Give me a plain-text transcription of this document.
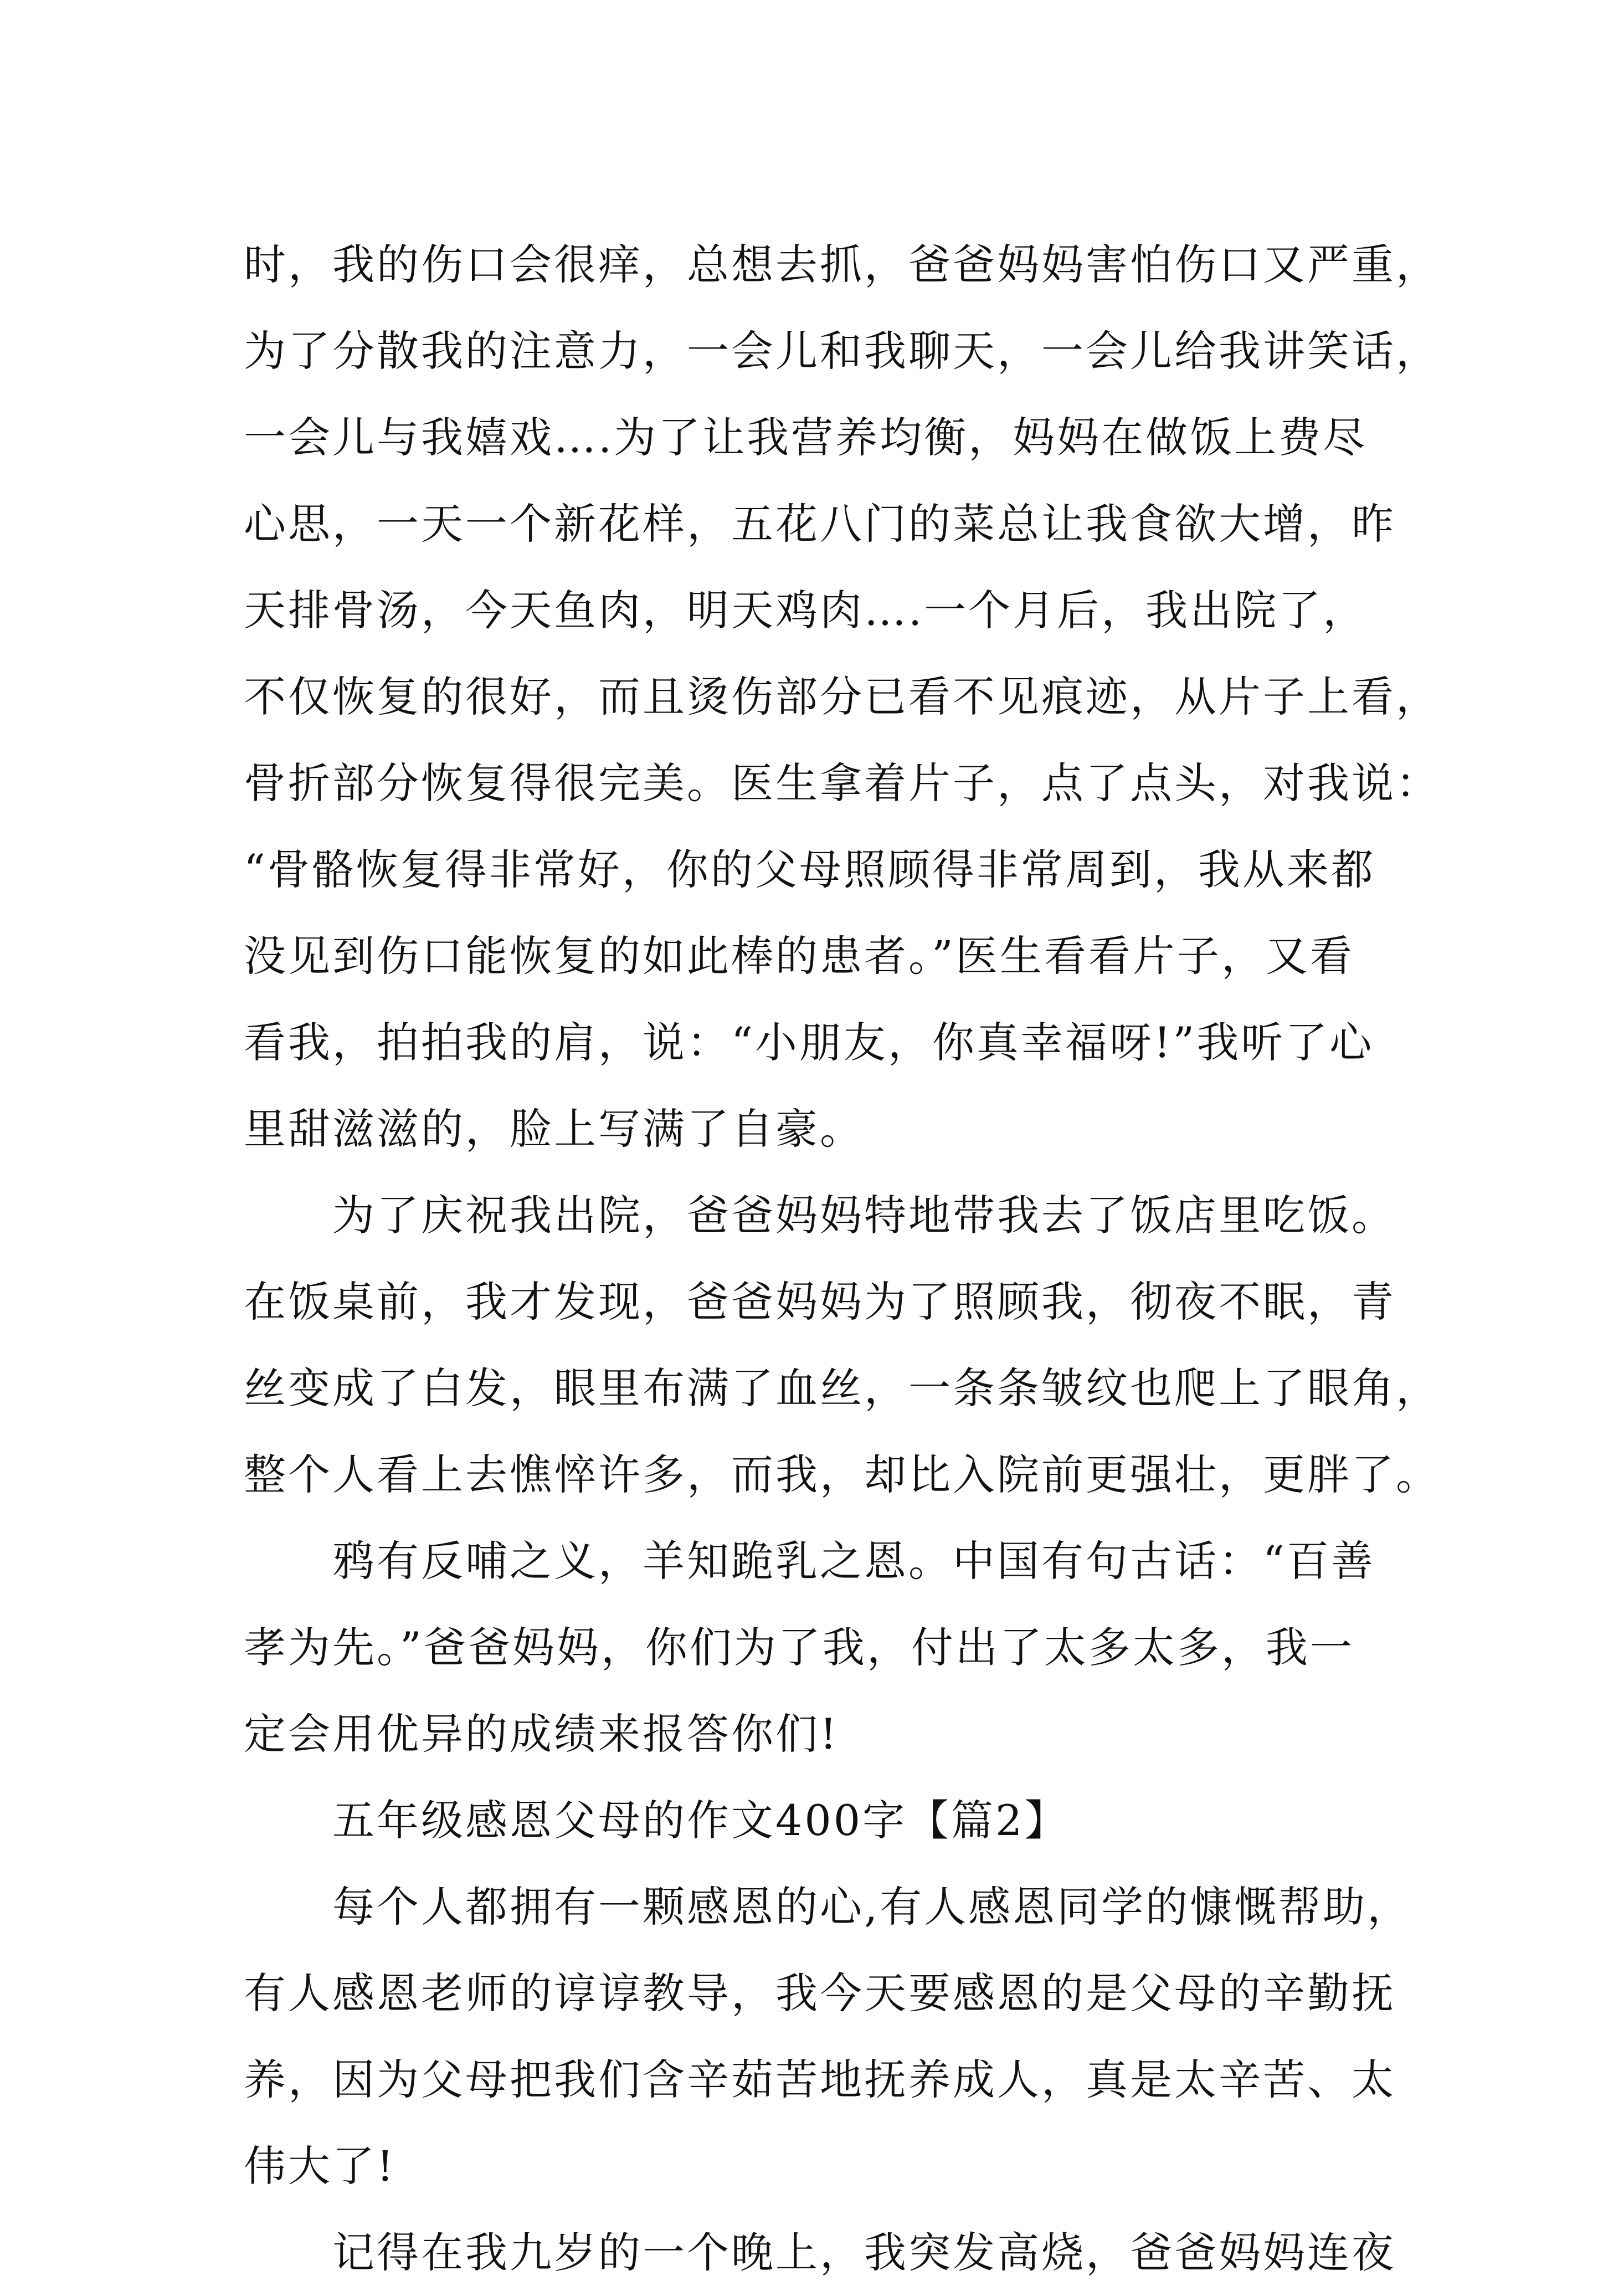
时，我的伤口会很痒，总想去抓，爸爸妈妈害怕伤口又严重，
为了分散我的注意力，一会儿和我聊天，一会儿给我讲笑话，
一会儿与我嬉戏….为了让我营养均衡，妈妈在做饭上费尽
心思，一天一个新花样，五花八门的菜总让我食欲大增，昨
天排骨汤，今天鱼肉，明天鸡肉….一个月后，我出院了，
不仅恢复的很好，而且烫伤部分已看不见痕迹，从片子上看，
骨折部分恢复得很完美。医生拿着片子，点了点头，对我说：
“骨骼恢复得非常好，你的父母照顾得非常周到，我从来都
没见到伤口能恢复的如此棒的患者。”医生看看片子，又看
看我，拍拍我的肩，说：“小朋友，你真幸福呀!”我听了心
里甜滋滋的，脸上写满了自豪。
为了庆祝我出院，爸爸妈妈特地带我去了饭店里吃饭。
在饭桌前，我才发现，爸爸妈妈为了照顾我，彻夜不眠，青
丝变成了白发，眼里布满了血丝，一条条皱纹也爬上了眼角，
整个人看上去憔悴许多，而我，却比入院前更强壮，更胖了。
鸦有反哺之义，羊知跪乳之恩。中国有句古话：“百善
孝为先。”爸爸妈妈，你们为了我，付出了太多太多，我一
定会用优异的成绩来报答你们!
五年级感恩父母的作文400字【篇2】
每个人都拥有一颗感恩的心,有人感恩同学的慷慨帮助，
有人感恩老师的谆谆教导，我今天要感恩的是父母的辛勤抚
养，因为父母把我们含辛茹苦地抚养成人，真是太辛苦、太
伟大了!
记得在我九岁的一个晚上，我突发高烧，爸爸妈妈连夜
